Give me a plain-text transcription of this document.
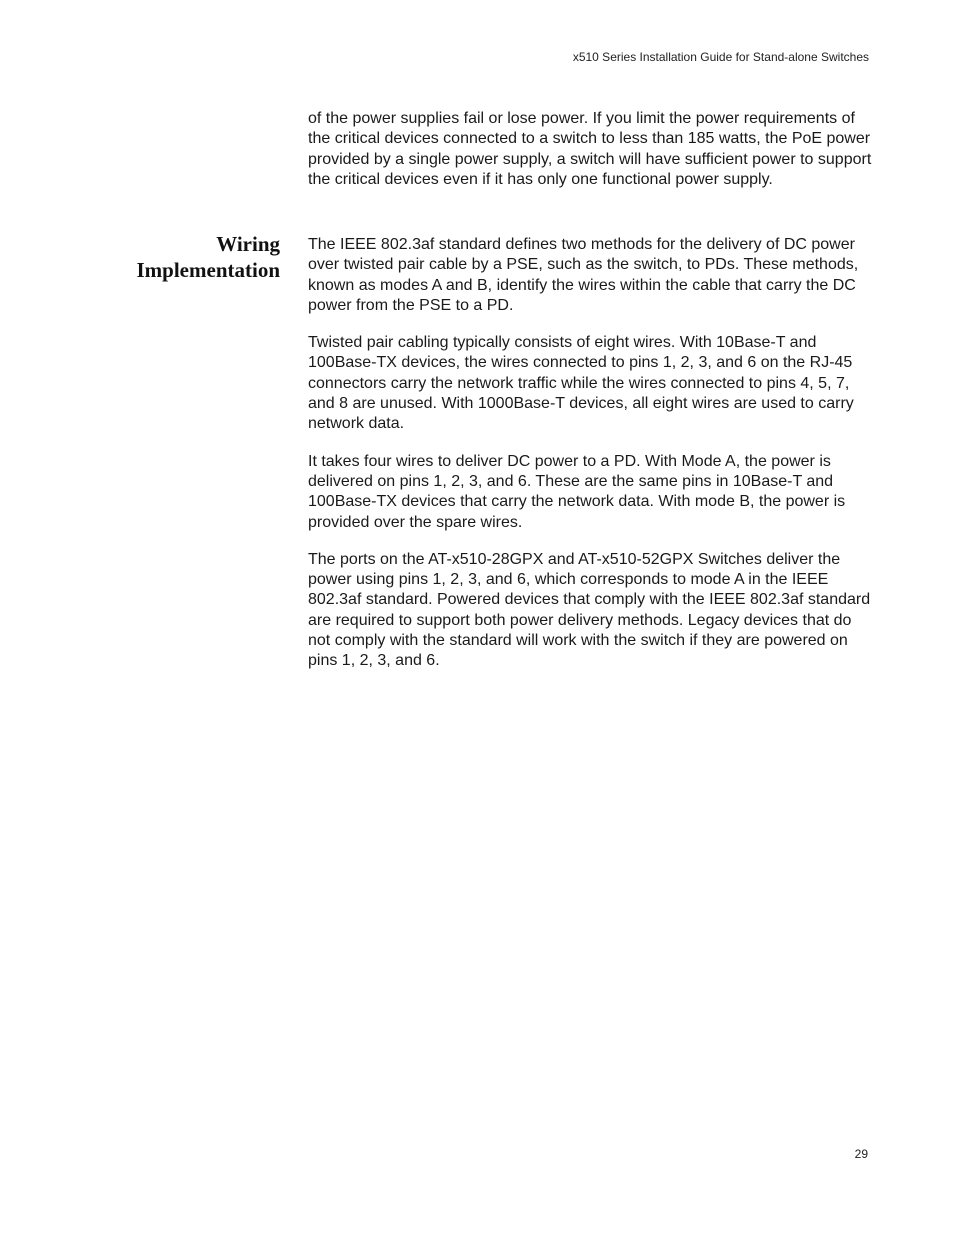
x510 Series Installation Guide for Stand-alone Switches

of the power supplies fail or lose power. If you limit the power requirements of the critical devices connected to a switch to less than 185 watts, the PoE power provided by a single power supply, a switch will have sufficient power to support the critical devices even if it has only one functional power supply.

Wiring
Implementation

The IEEE 802.3af standard defines two methods for the delivery of DC power over twisted pair cable by a PSE, such as the switch, to PDs. These methods, known as modes A and B, identify the wires within the cable that carry the DC power from the PSE to a PD.

Twisted pair cabling typically consists of eight wires. With 10Base-T and 100Base-TX devices, the wires connected to pins 1, 2, 3, and 6 on the RJ-45 connectors carry the network traffic while the wires connected to pins 4, 5, 7, and 8 are unused. With 1000Base-T devices, all eight wires are used to carry network data.

It takes four wires to deliver DC power to a PD. With Mode A, the power is delivered on pins 1, 2, 3, and 6. These are the same pins in 10Base-T and 100Base-TX devices that carry the network data. With mode B, the power is provided over the spare wires.

The ports on the AT-x510-28GPX and AT-x510-52GPX Switches deliver the power using pins 1, 2, 3, and 6, which corresponds to mode A in the IEEE 802.3af standard. Powered devices that comply with the IEEE 802.3af standard are required to support both power delivery methods. Legacy devices that do not comply with the standard will work with the switch if they are powered on pins 1, 2, 3, and 6.

29
